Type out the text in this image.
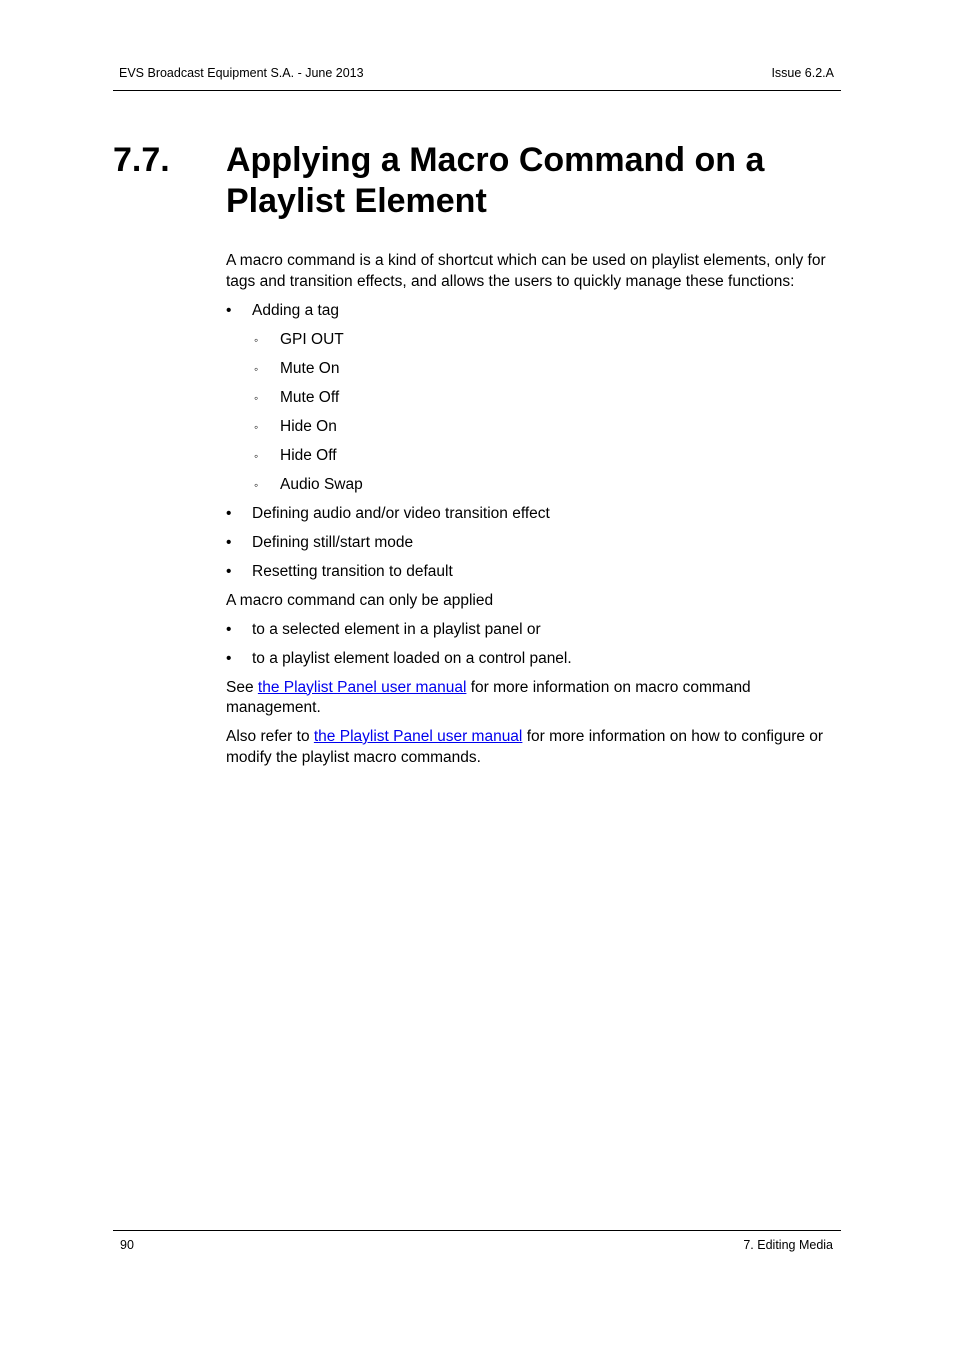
EVS Broadcast Equipment S.A. - June 2013	Issue 6.2.A
7.7. Applying a Macro Command on a Playlist Element

A macro command is a kind of shortcut which can be used on playlist elements, only for tags and transition effects, and allows the users to quickly manage these functions:

• Adding a tag
◦ GPI OUT
◦ Mute On
◦ Mute Off
◦ Hide On
◦ Hide Off
◦ Audio Swap
• Defining audio and/or video transition effect
• Defining still/start mode
• Resetting transition to default

A macro command can only be applied

• to a selected element in a playlist panel or
• to a playlist element loaded on a control panel.

See the Playlist Panel user manual for more information on macro command management.

Also refer to the Playlist Panel user manual for more information on how to configure or modify the playlist macro commands.

90	7. Editing Media
